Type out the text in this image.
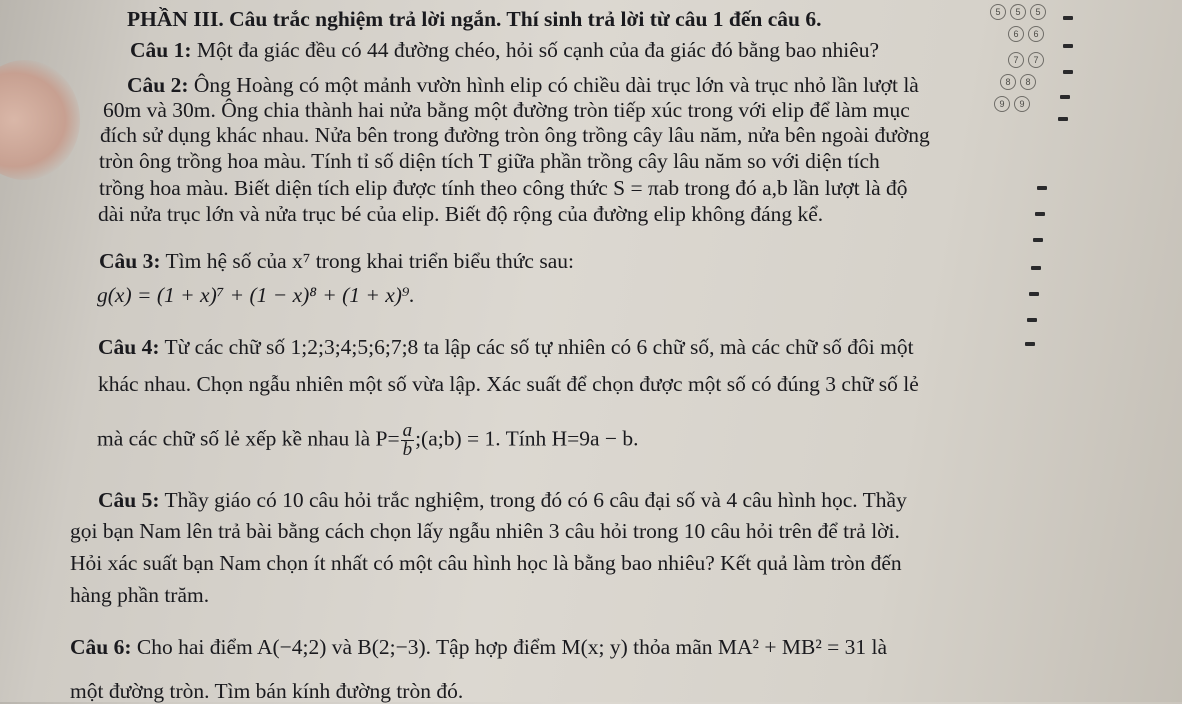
PHẦN III. Câu trắc nghiệm trả lời ngắn. Thí sinh trả lời từ câu 1 đến câu 6.
Câu 1: Một đa giác đều có 44 đường chéo, hỏi số cạnh của đa giác đó bằng bao nhiêu?
Câu 2: Ông Hoàng có một mảnh vườn hình elip có chiều dài trục lớn và trục nhỏ lần lượt là
60m và 30m. Ông chia thành hai nửa bằng một đường tròn tiếp xúc trong với elip để làm mục
đích sử dụng khác nhau. Nửa bên trong đường tròn ông trồng cây lâu năm, nửa bên ngoài đường
tròn ông trồng hoa màu. Tính tỉ số diện tích T giữa phần trồng cây lâu năm so với diện tích
trồng hoa màu. Biết diện tích elip được tính theo công thức S = πab trong đó a,b lần lượt là độ
dài nửa trục lớn và nửa trục bé của elip. Biết độ rộng của đường elip không đáng kể.
Câu 3: Tìm hệ số của x⁷ trong khai triển biểu thức sau:
g(x) = (1 + x)⁷ + (1 − x)⁸ + (1 + x)⁹.
Câu 4: Từ các chữ số 1;2;3;4;5;6;7;8 ta lập các số tự nhiên có 6 chữ số, mà các chữ số đôi một
khác nhau. Chọn ngẫu nhiên một số vừa lập. Xác suất để chọn được một số có đúng 3 chữ số lẻ
mà các chữ số lẻ xếp kề nhau là $P= \frac{a}{b}$ ;(a;b) = 1. Tính H=9a − b.
Câu 5: Thầy giáo có 10 câu hỏi trắc nghiệm, trong đó có 6 câu đại số và 4 câu hình học. Thầy
gọi bạn Nam lên trả bài bằng cách chọn lấy ngẫu nhiên 3 câu hỏi trong 10 câu hỏi trên để trả lời.
Hỏi xác suất bạn Nam chọn ít nhất có một câu hình học là bằng bao nhiêu? Kết quả làm tròn đến
hàng phần trăm.
Câu 6: Cho hai điểm A(−4;2) và B(2;−3). Tập hợp điểm M(x; y) thỏa mãn MA² + MB² = 31 là
một đường tròn. Tìm bán kính đường tròn đó.
5	5	5
6	6
7	7
8	8
9	9
